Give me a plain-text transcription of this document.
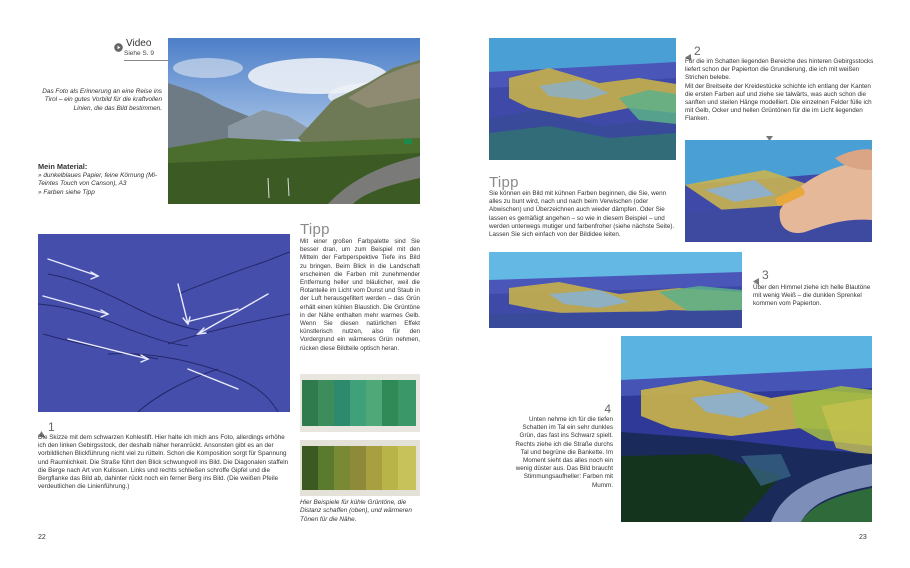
Video
Siehe S. 9
Das Foto als Erinnerung an eine Reise ins Tirol – ein gutes Vorbild für die kraftvollen Linien, die das Bild bestimmen.
Mein Material:
» dunkelblaues Papier, feine Körnung (Mi-Teintes Touch von Canson), A3
» Farben siehe Tipp
Tipp
Mit einer großen Farbpalette sind Sie besser dran, um zum Beispiel mit den Mitteln der Farbperspektive Tiefe ins Bild zu bringen. Beim Blick in die Landschaft erscheinen die Farben mit zunehmender Entfernung heller und bläulicher, weil die Rotanteile im Licht vom Dunst und Staub in der Luft herausgefiltert werden – das Grün erhält einen kühlen Blaustich. Die Grüntöne in der Nähe enthalten mehr warmes Gelb. Wenn Sie diesen natürlichen Effekt künstlerisch nutzen, also für den Vordergrund ein wärmeres Grün nehmen, rücken diese Bildteile optisch heran.
Hier Beispiele für kühle Grüntöne, die Distanz schaffen (oben), und wärmeren Tönen für die Nähe.
1
Die Skizze mit dem schwarzen Kohlestift. Hier halte ich mich ans Foto, allerdings erhöhe ich den linken Gebirgsstock, der deshalb näher heranrückt. Ansonsten gibt es an der vorbildlichen Blickführung nicht viel zu rütteln. Schon die Komposition sorgt für Spannung und Raumlichkeit. Die Straße führt den Blick schwungvoll ins Bild. Die Diagonalen staffeln die Berge nach Art von Kulissen. Links und rechts schließen schroffe Gipfel und die Bergflanke das Bild ab, dahinter rückt noch ein ferner Berg ins Bild. (Die weißen Pfeile verdeutlichen die Linienführung.)
22
2
Für die im Schatten liegenden Bereiche des hinteren Gebirgsstocks liefert schon der Papierton die Grundierung, die ich mit weißen Strichen belebe.
Mit der Breitseite der Kreidestücke schichte ich entlang der Kanten die ersten Farben auf und ziehe sie talwärts, was auch schon die sanften und steilen Hänge modelliert. Die einzelnen Felder fülle ich mit Gelb, Ocker und hellen Grüntönen für die im Licht liegenden Flanken.
Tipp
Sie können ein Bild mit kühnen Farben beginnen, die Sie, wenn alles zu bunt wird, nach und nach beim Verwischen (oder Abwischen) und Überzeichnen auch wieder dämpfen. Oder Sie lassen es gemäßigt angehen – so wie in diesem Beispiel – und werden unterwegs mutiger und farbenfroher (siehe nächste Seite). Lassen Sie sich einfach von der Bildidee leiten.
3
Über den Himmel ziehe ich helle Blautöne mit wenig Weiß – die dunklen Sprenkel kommen vom Papierton.
4
Unten nehme ich für die tiefen Schatten im Tal ein sehr dunkles Grün, das fast ins Schwarz spielt. Rechts ziehe ich die Straße durchs Tal und begrüne die Bankette. Im Moment sieht das alles noch ein wenig düster aus. Das Bild braucht Stimmungsaufheller: Farben mit Mumm.
23
